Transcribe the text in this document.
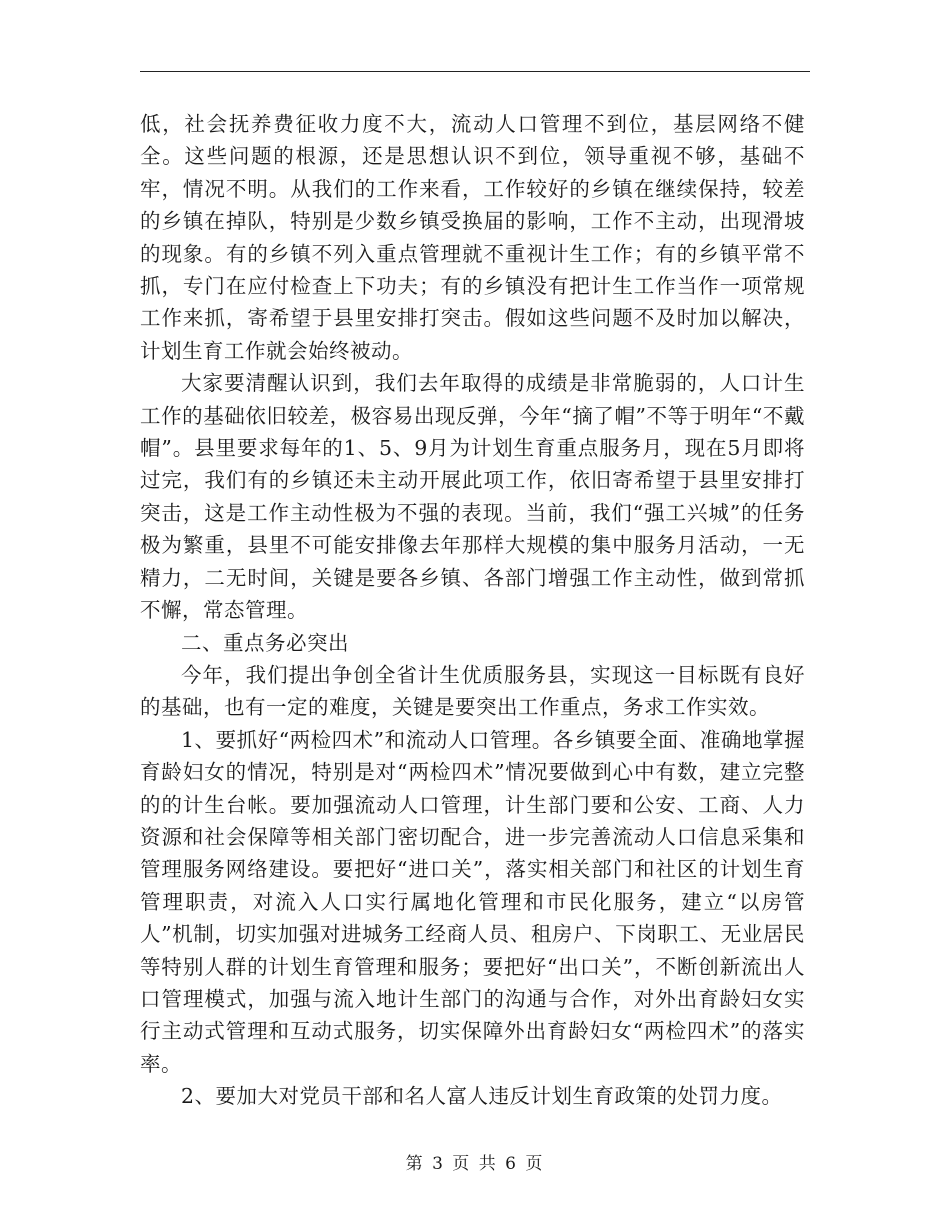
低，社会抚养费征收力度不大，流动人口管理不到位，基层网络不健全。这些问题的根源，还是思想认识不到位，领导重视不够，基础不牢，情况不明。从我们的工作来看，工作较好的乡镇在继续保持，较差的乡镇在掉队，特别是少数乡镇受换届的影响，工作不主动，出现滑坡的现象。有的乡镇不列入重点管理就不重视计生工作；有的乡镇平常不抓，专门在应付检查上下功夫；有的乡镇没有把计生工作当作一项常规工作来抓，寄希望于县里安排打突击。假如这些问题不及时加以解决，计划生育工作就会始终被动。

大家要清醒认识到，我们去年取得的成绩是非常脆弱的，人口计生工作的基础依旧较差，极容易出现反弹，今年“摘了帽”不等于明年“不戴帽”。县里要求每年的1、5、9月为计划生育重点服务月，现在5月即将过完，我们有的乡镇还未主动开展此项工作，依旧寄希望于县里安排打突击，这是工作主动性极为不强的表现。当前，我们“强工兴城”的任务极为繁重，县里不可能安排像去年那样大规模的集中服务月活动，一无精力，二无时间，关键是要各乡镇、各部门增强工作主动性，做到常抓不懈，常态管理。

二、重点务必突出

今年，我们提出争创全省计生优质服务县，实现这一目标既有良好的基础，也有一定的难度，关键是要突出工作重点，务求工作实效。

1、要抓好“两检四术”和流动人口管理。各乡镇要全面、准确地掌握育龄妇女的情况，特别是对“两检四术”情况要做到心中有数，建立完整的的计生台帐。要加强流动人口管理，计生部门要和公安、工商、人力资源和社会保障等相关部门密切配合，进一步完善流动人口信息采集和管理服务网络建设。要把好“进口关”，落实相关部门和社区的计划生育管理职责，对流入人口实行属地化管理和市民化服务，建立“以房管人”机制，切实加强对进城务工经商人员、租房户、下岗职工、无业居民等特别人群的计划生育管理和服务；要把好“出口关”，不断创新流出人口管理模式，加强与流入地计生部门的沟通与合作，对外出育龄妇女实行主动式管理和互动式服务，切实保障外出育龄妇女“两检四术”的落实率。

2、要加大对党员干部和名人富人违反计划生育政策的处罚力度。

第 3 页 共 6 页
